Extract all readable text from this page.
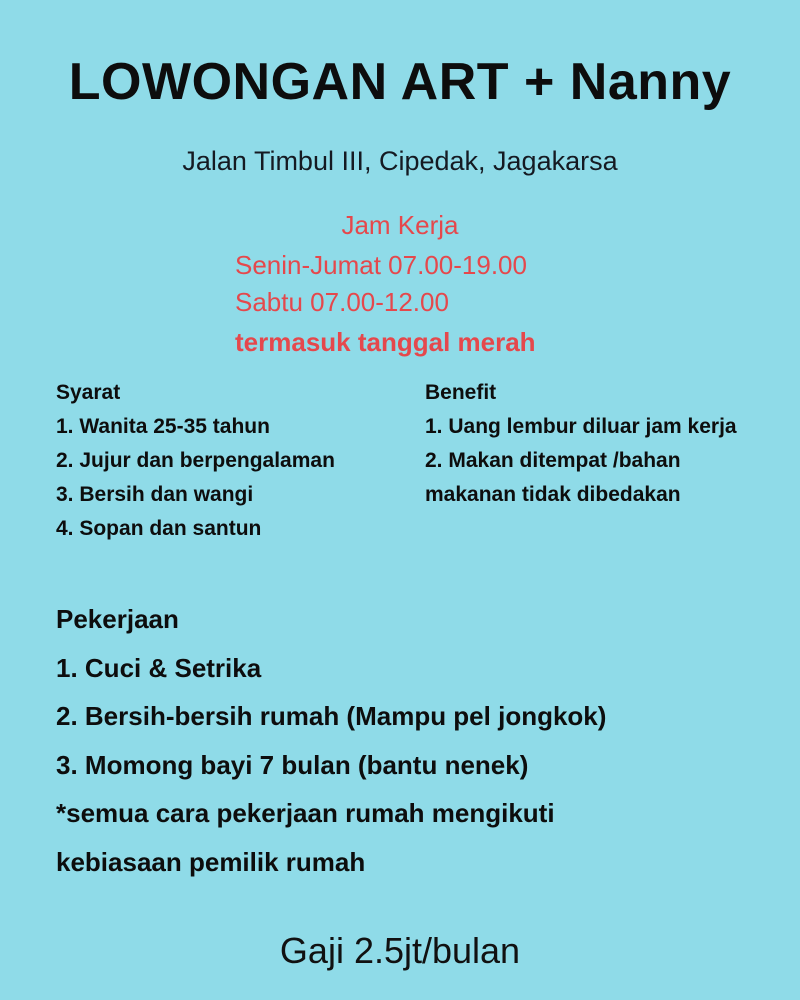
LOWONGAN ART + Nanny
Jalan Timbul III, Cipedak, Jagakarsa
Jam Kerja
Senin-Jumat 07.00-19.00
Sabtu 07.00-12.00
termasuk tanggal merah
Syarat
1. Wanita 25-35 tahun
2. Jujur dan berpengalaman
3. Bersih dan wangi
4. Sopan dan santun
Benefit
1. Uang lembur diluar jam kerja
2. Makan ditempat /bahan
makanan tidak dibedakan
Pekerjaan
1. Cuci & Setrika
2. Bersih-bersih rumah (Mampu pel jongkok)
3. Momong bayi 7 bulan (bantu nenek)
*semua cara pekerjaan rumah mengikuti
kebiasaan pemilik rumah
Gaji 2.5jt/bulan
